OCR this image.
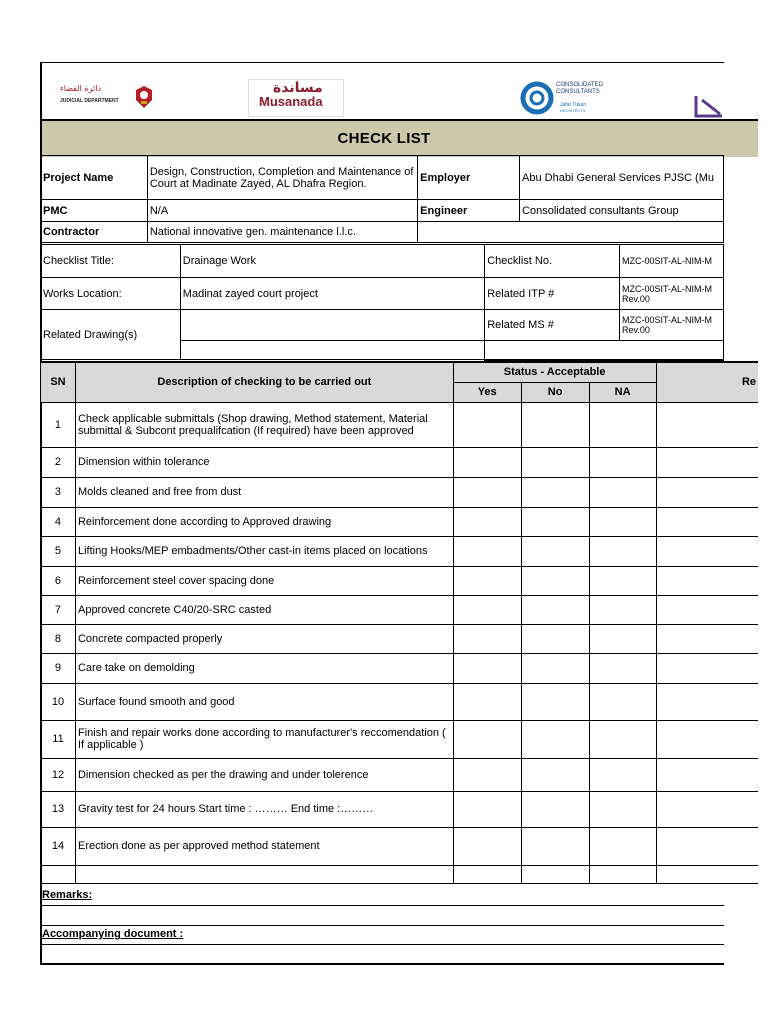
دائرة القضاء
JUDICIAL DEPARTMENT
مساندة
Musanada
CONSOLIDATED
CONSULTANTS
Jafar Tukan
ARCHITECTS
CHECK LIST
Project Name	Design, Construction, Completion and Maintenance of Court at Madinate Zayed, AL Dhafra Region.	Employer	Abu Dhabi General Services PJSC (Mu
PMC	N/A	Engineer	Consolidated consultants Group
Contractor	National innovative gen. maintenance l.l.c.		
Checklist Title:	Drainage Work	Checklist No.	MZC-00SIT-AL-NIM-M
Works Location:	Madinat zayed court project	Related ITP #	MZC-00SIT-AL-NIM-M
Rev.00

Related Drawing(s)		Related MS #	MZC-00SIT-AL-NIM-M
Rev.00

SN	Description of checking to be carried out	Status - Acceptable			Re
		Yes	No	NA	
1	Check applicable submittals (Shop drawing, Method statement, Material submittal & Subcont prequalifcation (If required) have been approved				
2	Dimension within tolerance				
3	Molds cleaned and free from dust				
4	Reinforcement done according to Approved drawing				
5	Lifting Hooks/MEP embadments/Other cast-in items placed on locations				
6	Reinforcement steel cover spacing done				
7	Approved concrete C40/20-SRC casted				
8	Concrete compacted properly				
9	Care take on demolding				
10	Surface found smooth and good				
11	Finish and repair works done according to manufacturer's reccomendation ( If applicable )				
12	Dimension checked as per the drawing and under tolerence				
13	Gravity test for 24 hours Start time : ……… End time :………				
14	Erection done as per approved method statement				

Remarks:
Accompanying document :
